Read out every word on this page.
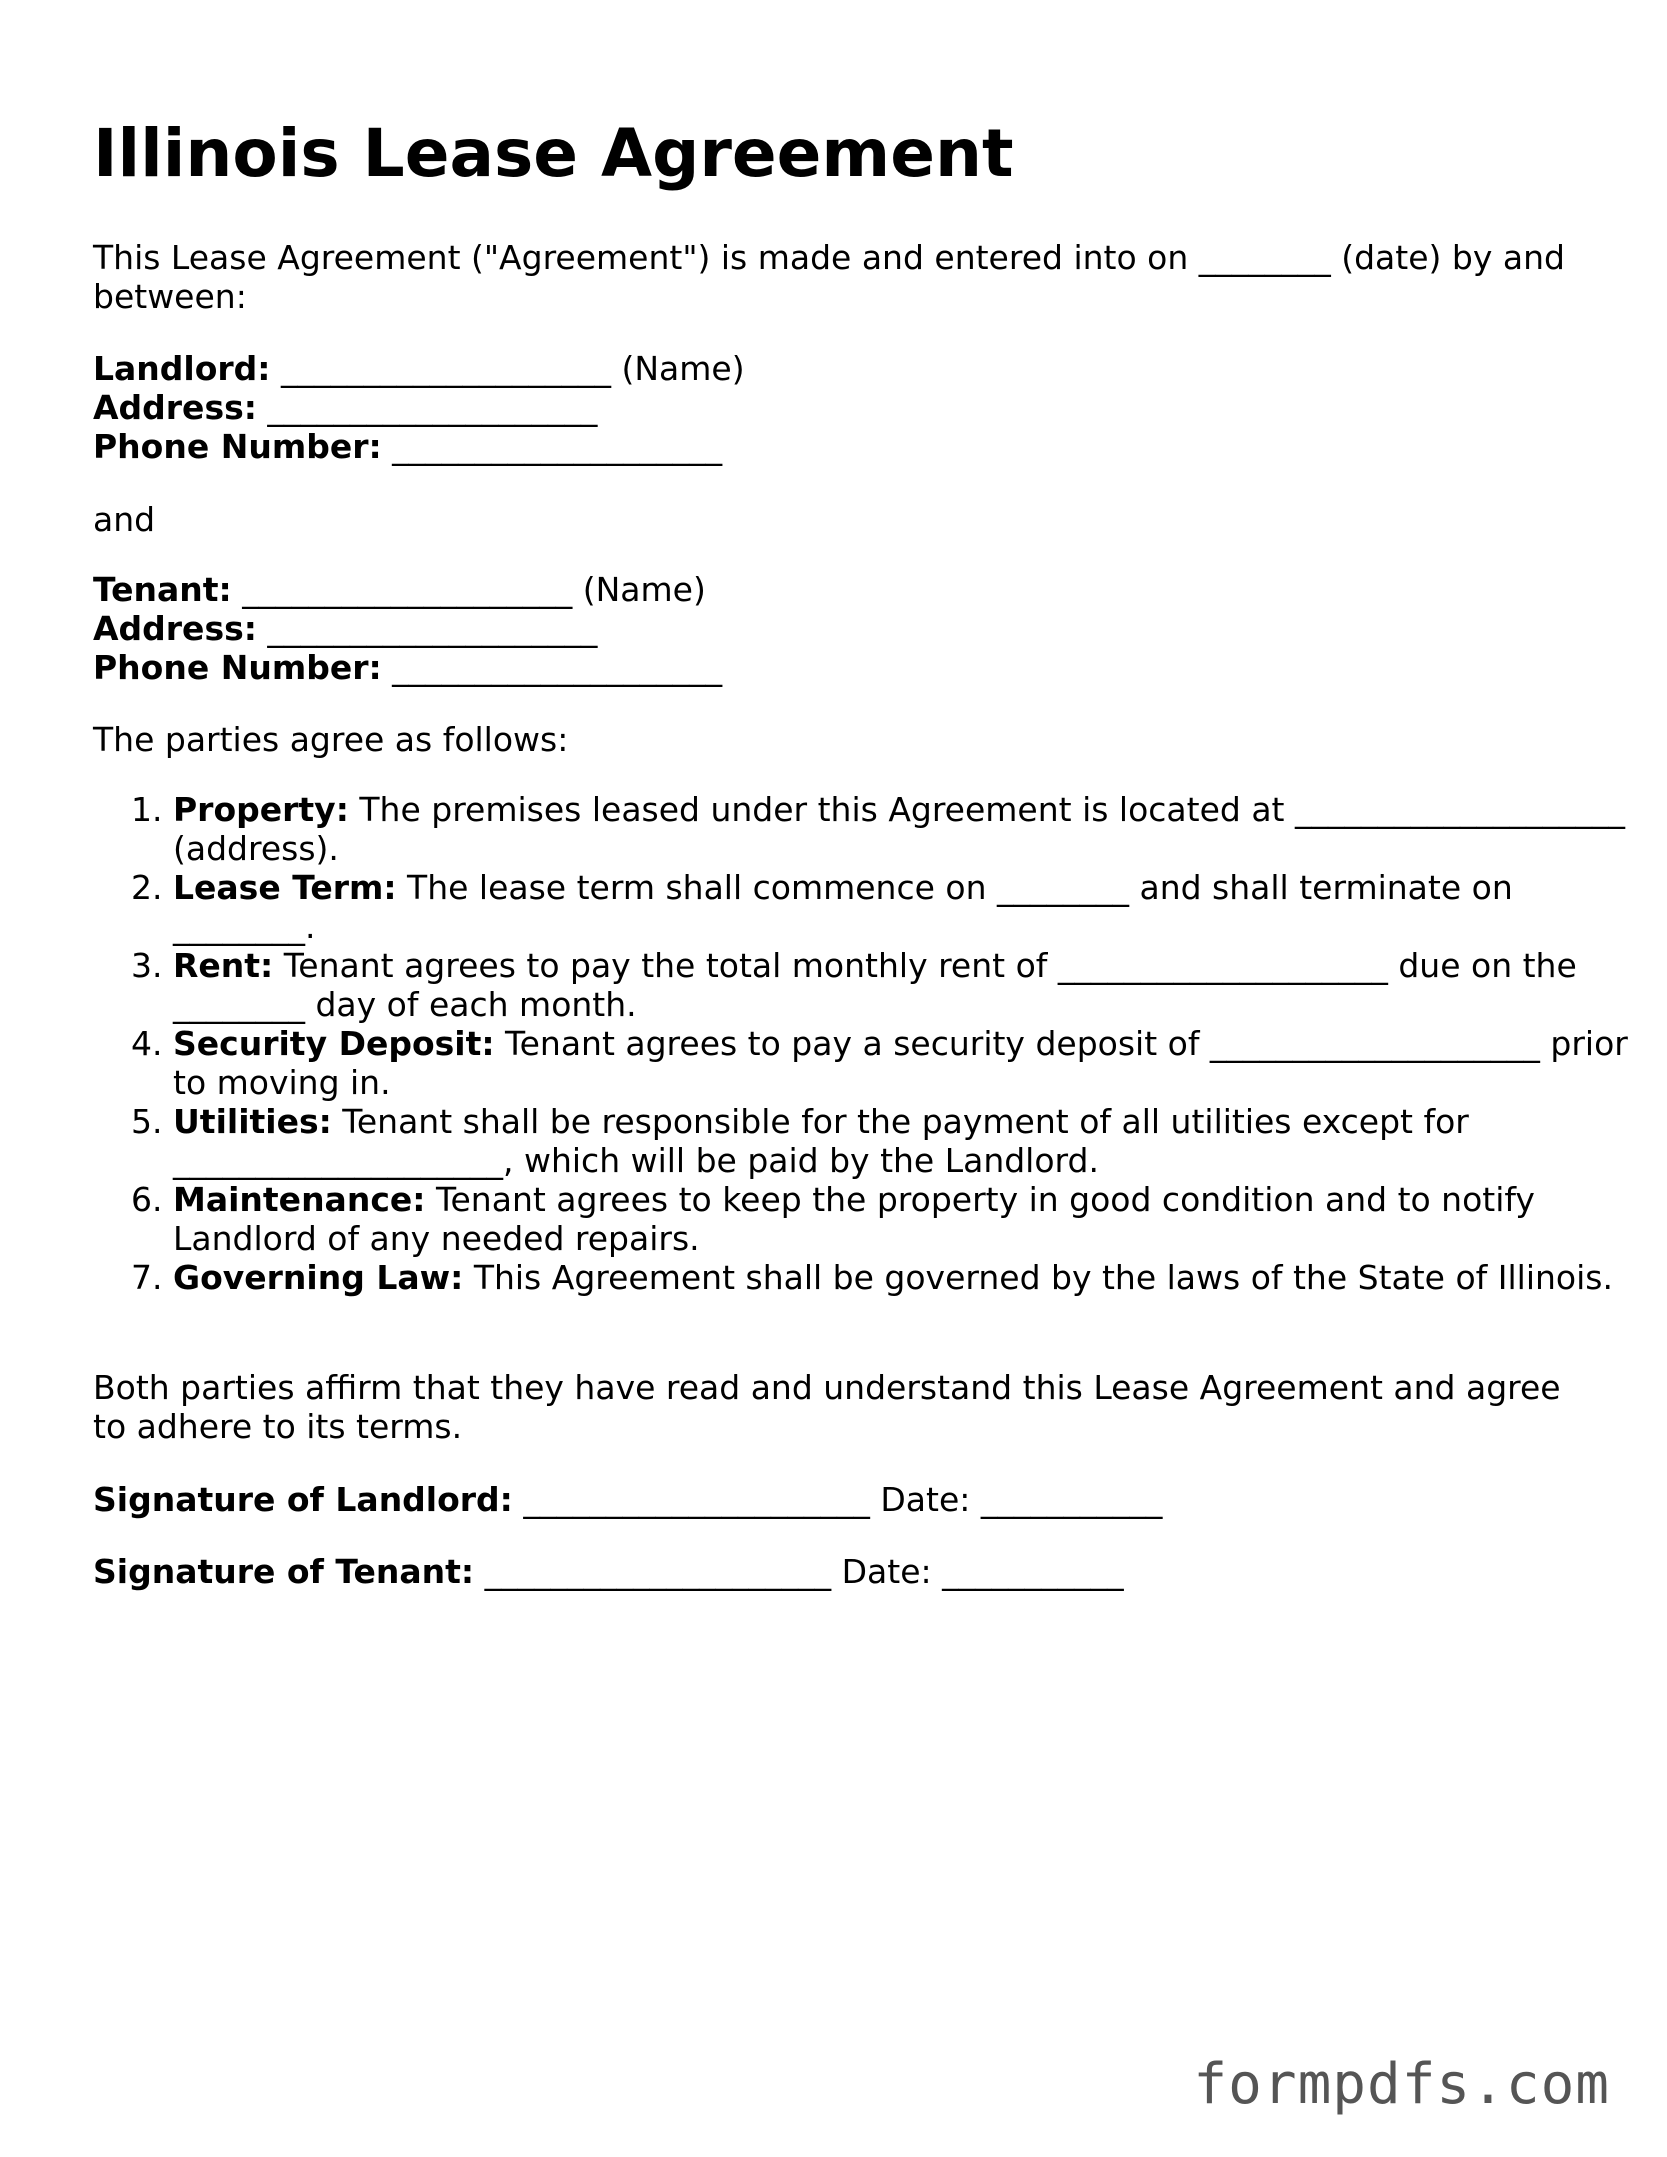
Illinois Lease Agreement
This Lease Agreement ("Agreement") is made and entered into on ________ (date) by and between:
Landlord: ____________________ (Name)
Address: ____________________
Phone Number: ____________________
and
Tenant: ____________________ (Name)
Address: ____________________
Phone Number: ____________________
The parties agree as follows:
1. Property: The premises leased under this Agreement is located at ____________________ (address).
2. Lease Term: The lease term shall commence on ________ and shall terminate on ________.
3. Rent: Tenant agrees to pay the total monthly rent of ____________________ due on the ________ day of each month.
4. Security Deposit: Tenant agrees to pay a security deposit of ____________________ prior to moving in.
5. Utilities: Tenant shall be responsible for the payment of all utilities except for ____________________, which will be paid by the Landlord.
6. Maintenance: Tenant agrees to keep the property in good condition and to notify Landlord of any needed repairs.
7. Governing Law: This Agreement shall be governed by the laws of the State of Illinois.
Both parties affirm that they have read and understand this Lease Agreement and agree to adhere to its terms.
Signature of Landlord: _____________________ Date: ___________
Signature of Tenant: _____________________ Date: ___________
formpdfs.com
